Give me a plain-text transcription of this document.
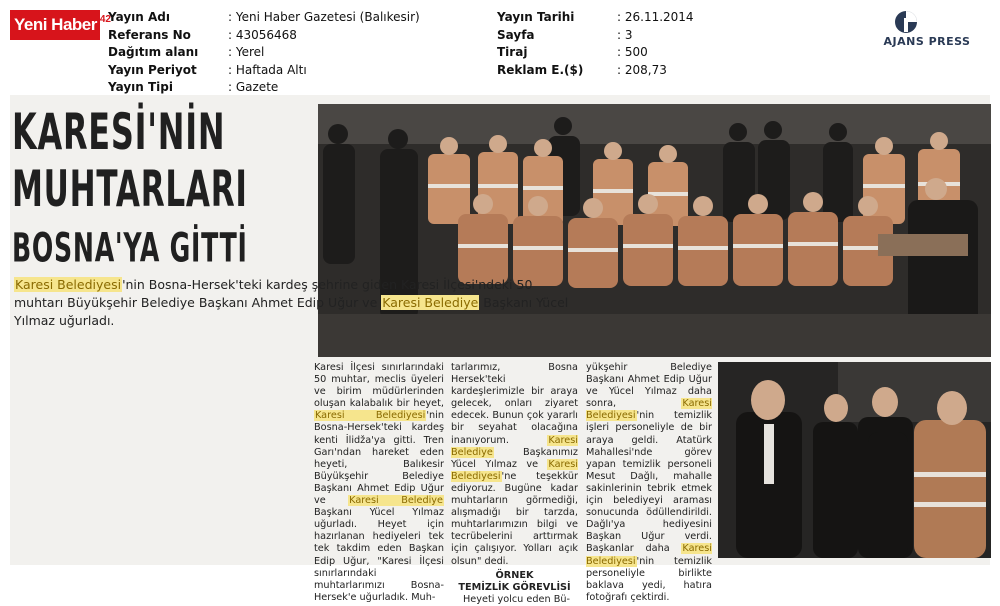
Yeni Haber 42
Yayın Adı	: Yeni Haber Gazetesi (Balıkesir)
Referans No	: 43056468
Dağıtım alanı : Yerel
Yayın Periyot	: Haftada Altı
Yayın Tipi	: Gazete
Yayın Tarihi	: 26.11.2014
Sayfa	: 3
Tiraj	: 500
Reklam E.($)	: 208,73
AJANS PRESS
KARESİ'NİN
MUHTARLARI
BOSNA'YA GİTTİ
Karesi Belediyesi'nin Bosna-Hersek'teki kardeş şehrine giden Karesi İlçesi'ndeki 50 muhtarı Büyükşehir Belediye Başkanı Ahmet Edip Uğur ve Karesi Belediye Başkanı Yücel Yılmaz uğurladı.
Karesi İlçesi sınırlarındaki 50 muhtar, meclis üyeleri ve birim müdürlerinden oluşan kalabalık bir heyet, Karesi Belediyesi'nin Bosna-Hersek'teki kardeş kenti İlidža'ya gitti. Tren Garı'ndan hareket eden heyeti, Balıkesir Büyükşehir Belediye Başkanı Ahmet Edip Uğur ve Karesi Belediye Başkanı Yücel Yılmaz uğurladı. Heyet için hazırlanan hediyeleri tek tek takdim eden Başkan Edip Uğur, "Karesi İlçesi sınırlarındaki muhtarlarımızı Bosna-Hersek'e uğurladık. Muh-
tarlarımız, Bosna Hersek'teki kardeşlerimizle bir araya gelecek, onları ziyaret edecek. Bunun çok yararlı bir seyahat olacağına inanıyorum. Karesi Belediye Başkanımız Yücel Yılmaz ve Karesi Belediyesi'ne teşekkür ediyoruz. Bugüne kadar muhtarların görmediği, alışmadığı bir tarzda, muhtarlarımızın bilgi ve tecrübelerini arttırmak için çalışıyor. Yolları açık olsun" dedi.
ÖRNEK
TEMİZLİK GÖREVLİSİ
Heyeti yolcu eden Bü-
yükşehir Belediye Başkanı Ahmet Edip Uğur ve Yücel Yılmaz daha sonra, Karesi Belediyesi'nin temizlik işleri personeliyle de bir araya geldi. Atatürk Mahallesi'nde görev yapan temizlik personeli Mesut Dağlı, mahalle sakinlerinin tebrik etmek için belediyeyi araması sonucunda ödüllendirildi. Dağlı'ya hediyesini Başkan Uğur verdi. Başkanlar daha Karesi Belediyesi'nin temizlik personeliyle birlikte baklava yedi, hatıra fotoğrafı çektirdi.
